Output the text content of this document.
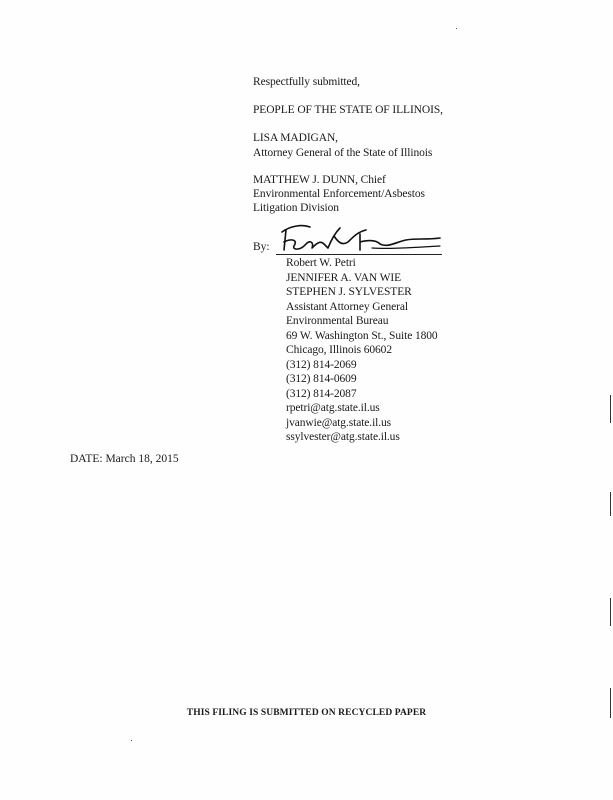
Respectfully submitted,
PEOPLE OF THE STATE OF ILLINOIS,
LISA MADIGAN,
Attorney General of the State of Illinois
MATTHEW J. DUNN, Chief
Environmental Enforcement/Asbestos
Litigation Division
By:
Robert W. Petri
JENNIFER A. VAN WIE
STEPHEN J. SYLVESTER
Assistant Attorney General
Environmental Bureau
69 W. Washington St., Suite 1800
Chicago, Illinois 60602
(312) 814-2069
(312) 814-0609
(312) 814-2087
rpetri@atg.state.il.us
jvanwie@atg.state.il.us
ssylvester@atg.state.il.us
DATE: March 18, 2015
THIS FILING IS SUBMITTED ON RECYCLED PAPER
